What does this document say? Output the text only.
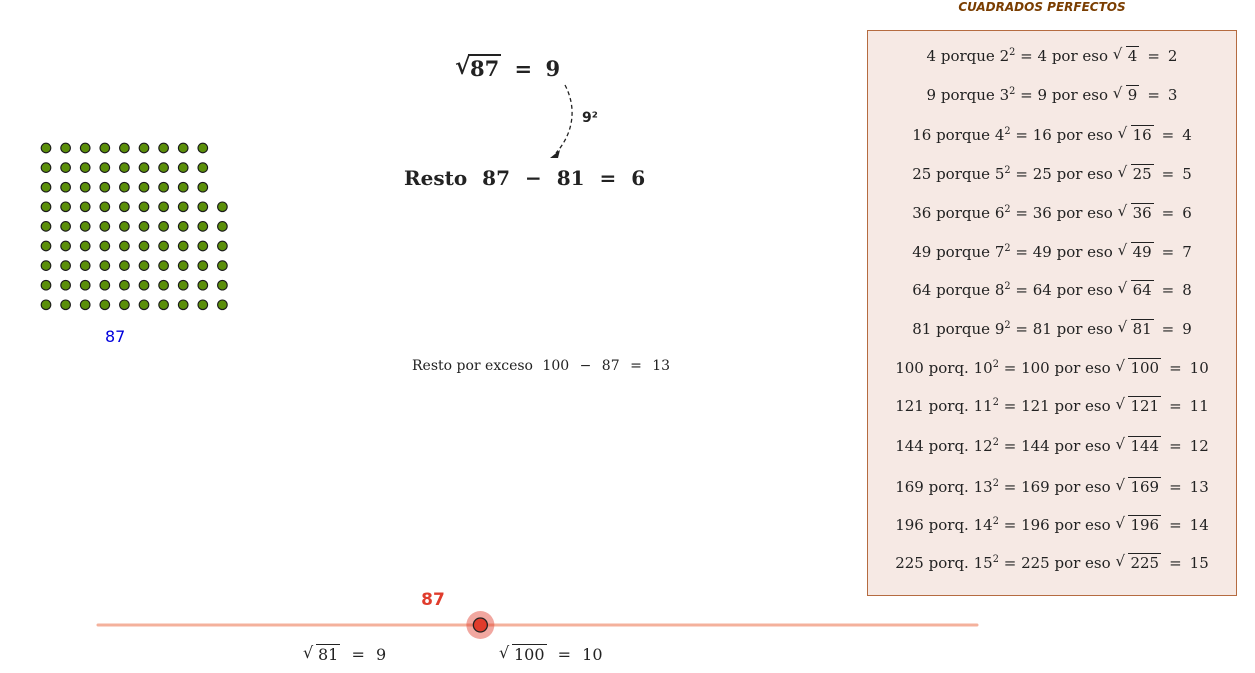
√ 87 = 9
9²
Resto 87 − 81 = 6
Resto por exceso 100 − 87 = 13
87
CUADRADOS PERFECTOS
4 porque $2^2 = 4$ por eso √ 4 = 2
9 porque $3^2 = 9$ por eso √ 9 = 3
16 porque $4^2 = 16$ por eso √ 16 = 4
25 porque $5^2 = 25$ por eso √ 25 = 5
36 porque $6^2 = 36$ por eso √ 36 = 6
49 porque $7^2 = 49$ por eso √ 49 = 7
64 porque $8^2 = 64$ por eso √ 64 = 8
81 porque $9^2 = 81$ por eso √ 81 = 9
100 porq. $10^2 = 100$ por eso √ 100 = 10
121 porq. $11^2 = 121$ por eso √ 121 = 11
144 porq. $12^2 = 144$ por eso √ 144 = 12
169 porq. $13^2 = 169$ por eso √ 169 = 13
196 porq. $14^2 = 196$ por eso √ 196 = 14
225 porq. $15^2 = 225$ por eso √ 225 = 15
87
√ 81 = 9	√ 100 = 10
